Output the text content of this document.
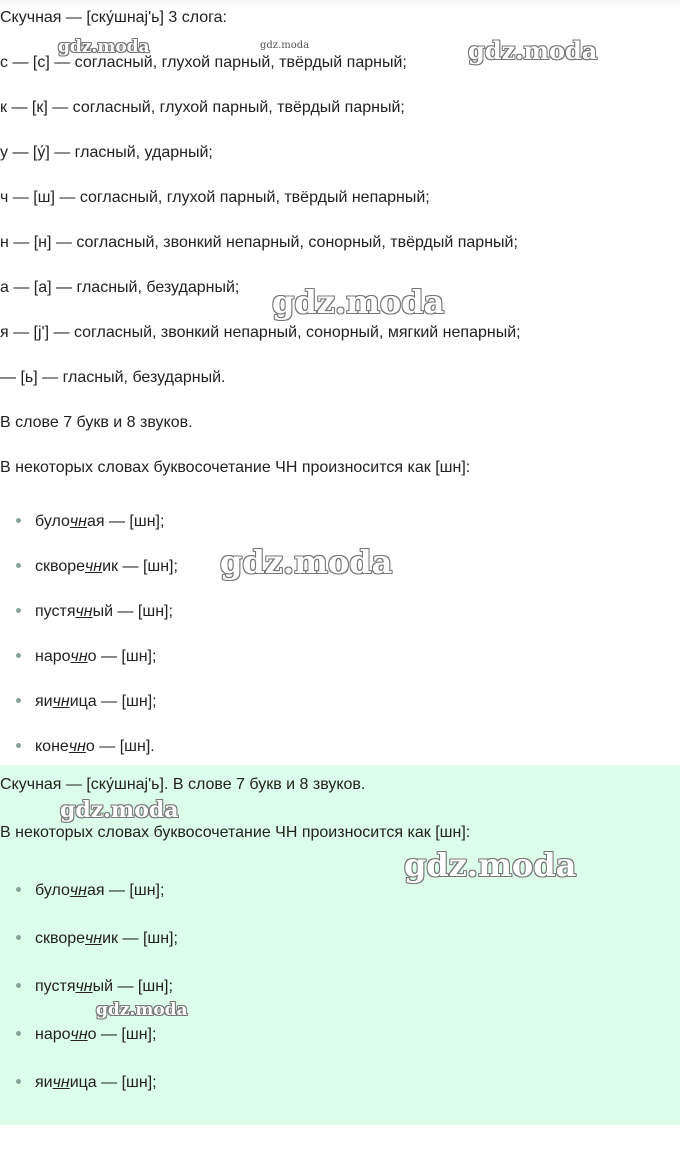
Скучная — [ску́шнај'ь] 3 слога:
с — [с] — согласный, глухой парный, твёрдый парный;
к — [к] — согласный, глухой парный, твёрдый парный;
у — [у́] — гласный, ударный;
ч — [ш] — согласный, глухой парный, твёрдый непарный;
н — [н] — согласный, звонкий непарный, сонорный, твёрдый парный;
а — [а] — гласный, безударный;
я — [j'] — согласный, звонкий непарный, сонорный, мягкий непарный;
— [ь] — гласный, безударный.
В слове 7 букв и 8 звуков.
В некоторых словах буквосочетание ЧН произносится как [шн]:
булочная — [шн];
скворечник — [шн];
пустячный — [шн];
нарочно — [шн];
яичница — [шн];
конечно — [шн].
Скучная — [ску́шнај'ь]. В слове 7 букв и 8 звуков.
В некоторых словах буквосочетание ЧН произносится как [шн]:
булочная — [шн];
скворечник — [шн];
пустячный — [шн];
нарочно — [шн];
яичница — [шн];
gdz.moda	gdz.moda	gdz.moda
gdz.moda
gdz.moda
gdz.moda
gdz.moda
gdz.moda
